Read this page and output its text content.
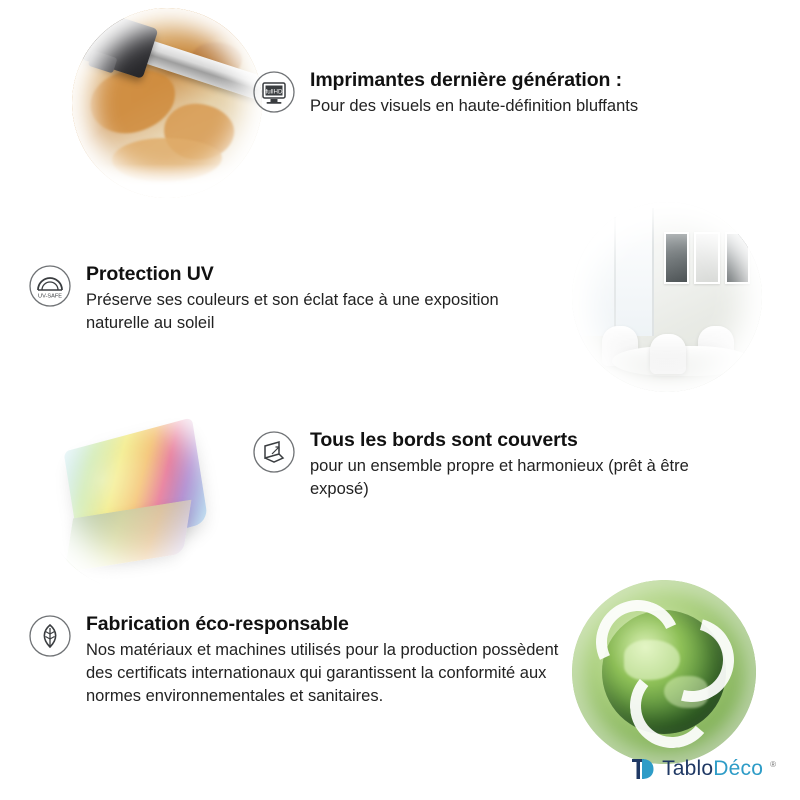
fullHD

Imprimantes dernière génération :

Pour des visuels en haute-définition bluffants

UV-SAFE

Protection UV

Préserve ses couleurs et son éclat face à une exposition naturelle au soleil

Tous les bords sont couverts

pour un ensemble propre et harmonieux (prêt à être exposé)

Fabrication éco-responsable

Nos matériaux et machines utilisés pour la production possèdent des certificats internationaux qui garantissent la conformité aux normes environnementales et sanitaires.

TabloDéco ®
